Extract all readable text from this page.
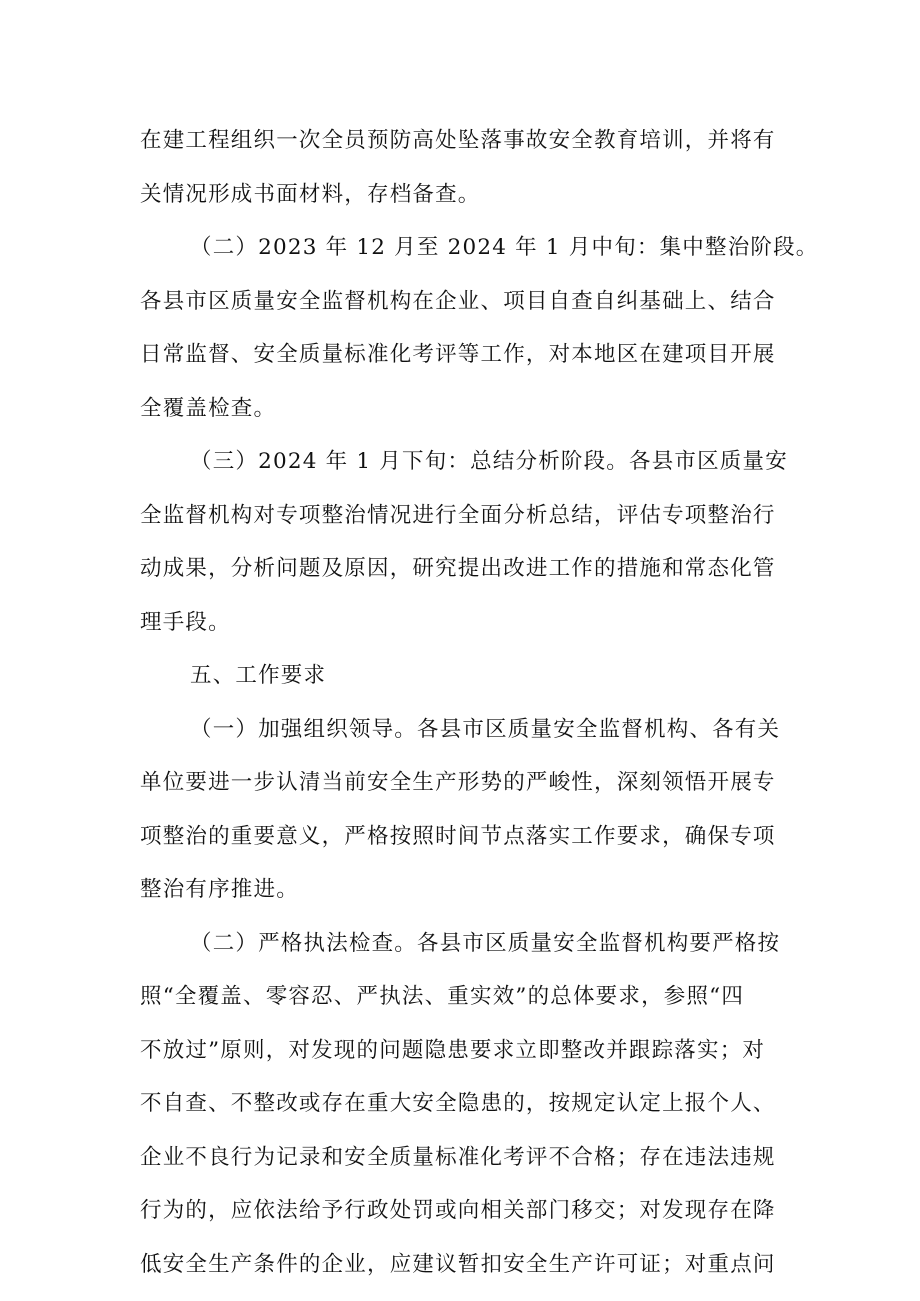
在建工程组织一次全员预防高处坠落事故安全教育培训，并将有
关情况形成书面材料，存档备查。
（二）2023 年 12 月至 2024 年 1 月中旬：集中整治阶段。
各县市区质量安全监督机构在企业、项目自查自纠基础上、结合
日常监督、安全质量标准化考评等工作，对本地区在建项目开展
全覆盖检查。
（三）2024 年 1 月下旬：总结分析阶段。各县市区质量安
全监督机构对专项整治情况进行全面分析总结，评估专项整治行
动成果，分析问题及原因，研究提出改进工作的措施和常态化管
理手段。
五、工作要求
（一）加强组织领导。各县市区质量安全监督机构、各有关
单位要进一步认清当前安全生产形势的严峻性，深刻领悟开展专
项整治的重要意义，严格按照时间节点落实工作要求，确保专项
整治有序推进。
（二）严格执法检查。各县市区质量安全监督机构要严格按
照“全覆盖、零容忍、严执法、重实效”的总体要求，参照“四
不放过”原则，对发现的问题隐患要求立即整改并跟踪落实；对
不自查、不整改或存在重大安全隐患的，按规定认定上报个人、
企业不良行为记录和安全质量标准化考评不合格；存在违法违规
行为的，应依法给予行政处罚或向相关部门移交；对发现存在降
低安全生产条件的企业，应建议暂扣安全生产许可证；对重点问
